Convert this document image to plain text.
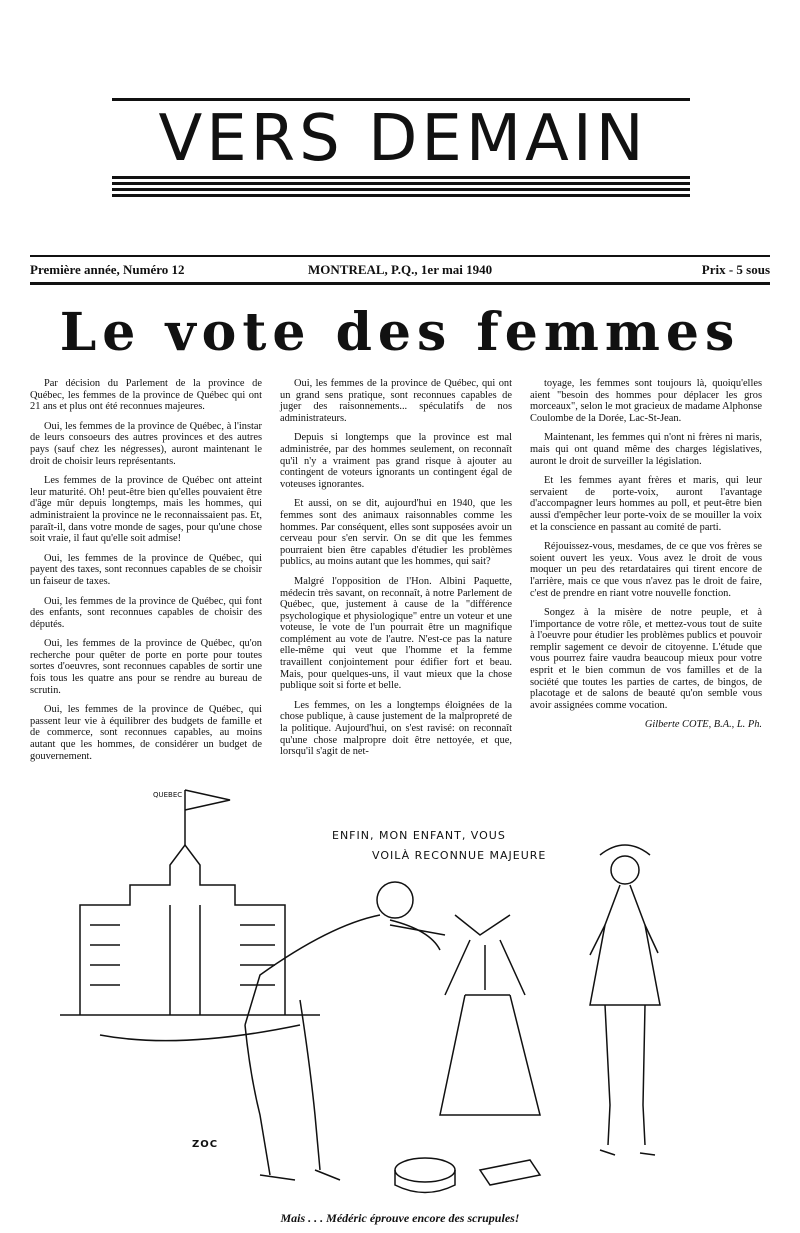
VERS DEMAIN
Première année, Numéro 12	MONTREAL, P.Q., 1er mai 1940	Prix - 5 sous
Le vote des femmes

Par décision du Parlement de la province de Québec, les femmes de la province de Québec qui ont 21 ans et plus ont été reconnues majeures.

Oui, les femmes de la province de Québec, à l'instar de leurs consoeurs des autres provinces et des autres pays (sauf chez les négresses), auront maintenant le droit de choisir leurs représentants.

Les femmes de la province de Québec ont atteint leur maturité. Oh! peut-être bien qu'elles pouvaient être d'âge mûr depuis longtemps, mais les hommes, qui administraient la province ne le reconnaissaient pas. Et, paraît-il, dans votre monde de sages, pour qu'une chose soit vraie, il faut qu'elle soit admise!

Oui, les femmes de la province de Québec, qui payent des taxes, sont reconnues capables de se choisir un faiseur de taxes.

Oui, les femmes de la province de Québec, qui font des enfants, sont reconnues capables de choisir des députés.

Oui, les femmes de la province de Québec, qu'on recherche pour quêter de porte en porte pour toutes sortes d'oeuvres, sont reconnues capables de sortir une fois tous les quatre ans pour se rendre au bureau de scrutin.

Oui, les femmes de la province de Québec, qui passent leur vie à équilibrer des budgets de famille et de commerce, sont reconnues capables, au moins autant que les hommes, de considérer un budget de gouvernement.

Oui, les femmes de la province de Québec, qui ont un grand sens pratique, sont reconnues capables de juger des raisonnements... spéculatifs de nos administrateurs.

Depuis si longtemps que la province est mal administrée, par des hommes seulement, on reconnaît qu'il n'y a vraiment pas grand risque à ajouter au contingent de voteurs ignorants un contingent égal de voteuses ignorantes.

Et aussi, on se dit, aujourd'hui en 1940, que les femmes sont des animaux raisonnables comme les hommes. Par conséquent, elles sont supposées avoir un cerveau pour s'en servir. On se dit que les femmes pourraient bien être capables d'étudier les problèmes publics, au moins autant que les hommes, qui sait?

Malgré l'opposition de l'Hon. Albini Paquette, médecin très savant, on reconnaît, à notre Parlement de Québec, que, justement à cause de la "différence psychologique et physiologique" entre un voteur et une voteuse, le vote de l'un pourrait être un magnifique complément au vote de l'autre. N'est-ce pas la nature elle-même qui veut que l'homme et la femme travaillent conjointement pour édifier fort et beau. Mais, pour quelques-uns, il vaut mieux que la chose publique soit si forte et belle.

Les femmes, on les a longtemps éloignées de la chose publique, à cause justement de la malpropreté de la politique. Aujourd'hui, on s'est ravisé: on reconnaît qu'une chose malpropre doit être nettoyée, et que, lorsqu'il s'agit de net-

toyage, les femmes sont toujours là, quoiqu'elles aient "besoin des hommes pour déplacer les gros morceaux", selon le mot gracieux de madame Alphonse Coulombe de la Dorée, Lac-St-Jean.

Maintenant, les femmes qui n'ont ni frères ni maris, mais qui ont quand même des charges législatives, auront le droit de surveiller la législation.

Et les femmes ayant frères et maris, qui leur servaient de porte-voix, auront l'avantage d'accompagner leurs hommes au poll, et peut-être bien aussi d'empêcher leur porte-voix de se mouiller la voix et la conscience en passant au comité de parti.

Réjouissez-vous, mesdames, de ce que vos frères se soient ouvert les yeux. Vous avez le droit de vous moquer un peu des retardataires qui tirent encore de l'arrière, mais ce que vous n'avez pas le droit de faire, c'est de prendre en riant votre nouvelle fonction.

Songez à la misère de notre peuple, et à l'importance de votre rôle, et mettez-vous tout de suite à l'oeuvre pour étudier les problèmes publics et pouvoir remplir sagement ce devoir de citoyenne. L'étude que vous pourrez faire vaudra beaucoup mieux pour votre esprit et le bien commun de vos familles et de la société que toutes les parties de cartes, de bingos, de placotage et de salons de beauté qu'on semble vous avoir assignées comme vocation.

Gilberte COTE, B.A., L. Ph.

QUEBEC
ENFIN, MON ENFANT, VOUS
VOILÀ RECONNUE MAJEURE
ZOC
Mais . . . Médéric éprouve encore des scrupules!
